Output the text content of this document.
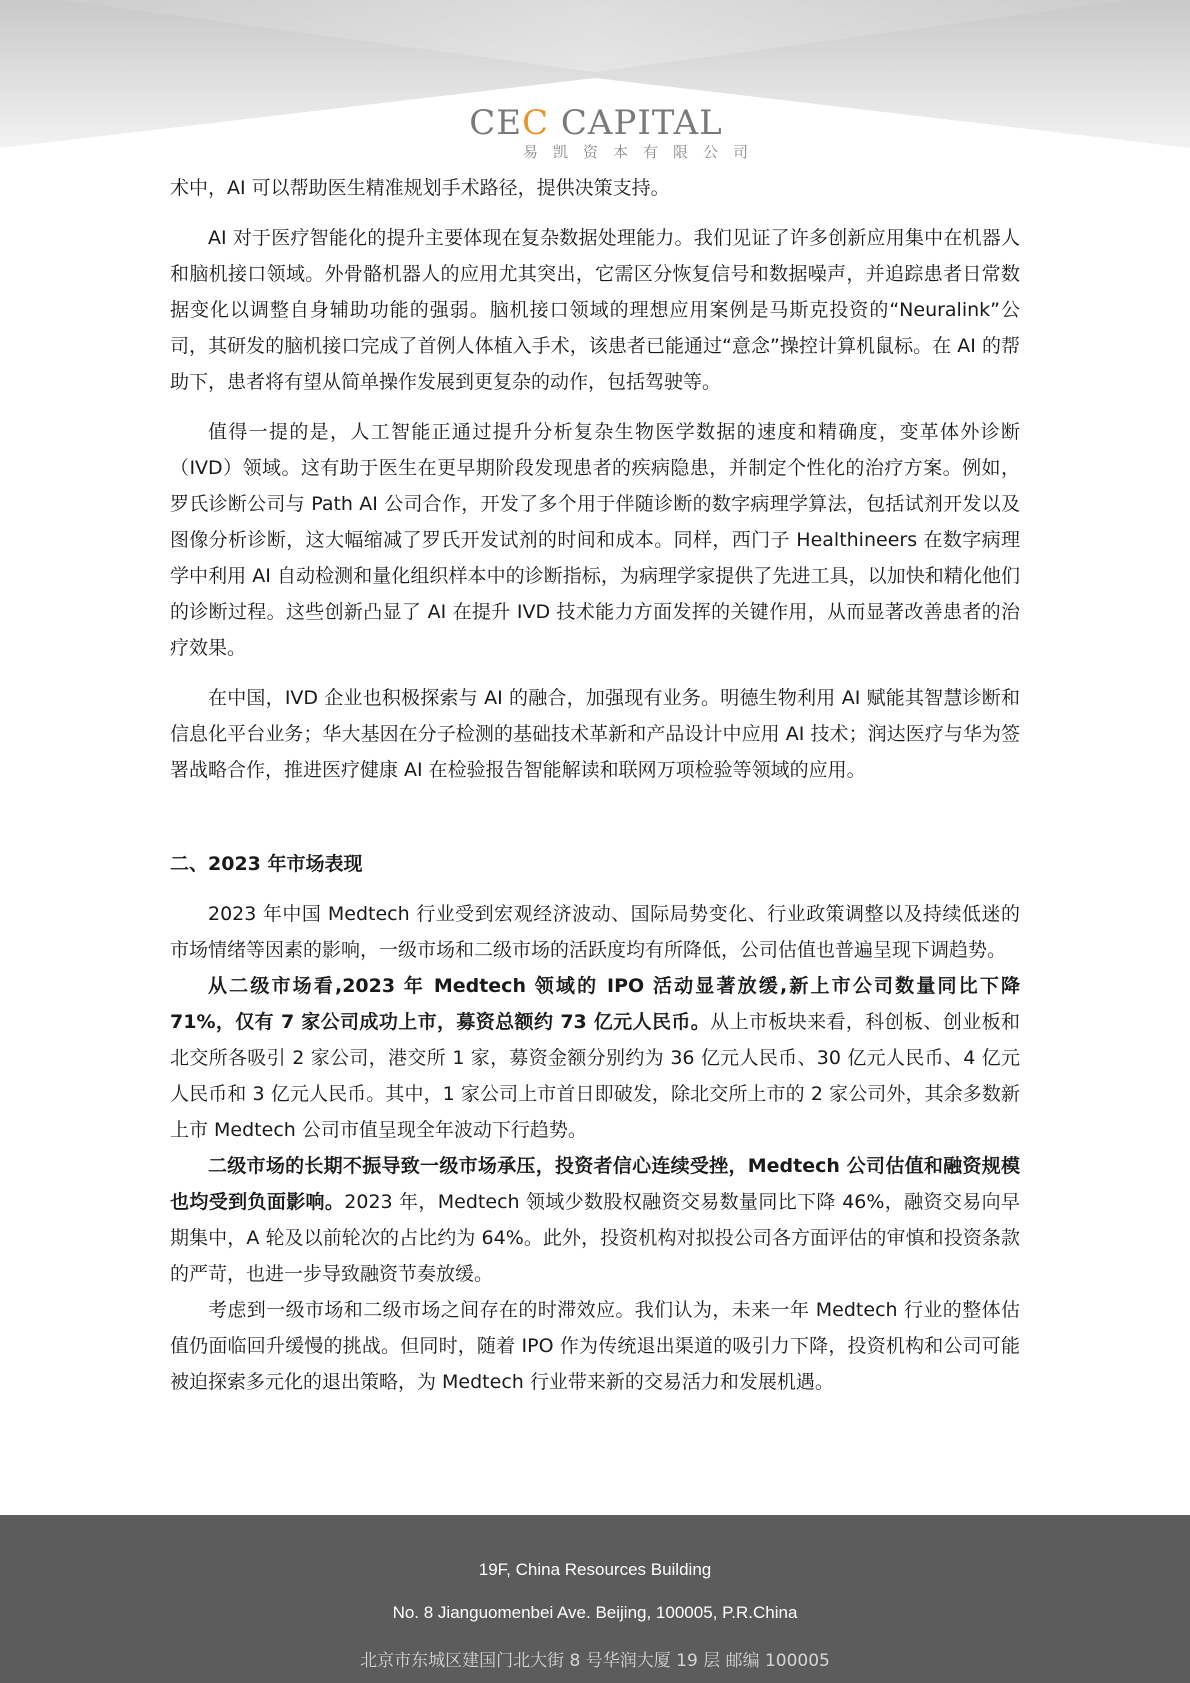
CEC CAPITAL
易凯资本有限公司

术中，AI 可以帮助医生精准规划手术路径，提供决策支持。

AI 对于医疗智能化的提升主要体现在复杂数据处理能力。我们见证了许多创新应用集中在机器人和脑机接口领域。外骨骼机器人的应用尤其突出，它需区分恢复信号和数据噪声，并追踪患者日常数据变化以调整自身辅助功能的强弱。脑机接口领域的理想应用案例是马斯克投资的“Neuralink”公司，其研发的脑机接口完成了首例人体植入手术，该患者已能通过“意念”操控计算机鼠标。在 AI 的帮助下，患者将有望从简单操作发展到更复杂的动作，包括驾驶等。

值得一提的是，人工智能正通过提升分析复杂生物医学数据的速度和精确度，变革体外诊断（IVD）领域。这有助于医生在更早期阶段发现患者的疾病隐患，并制定个性化的治疗方案。例如，罗氏诊断公司与 Path AI 公司合作，开发了多个用于伴随诊断的数字病理学算法，包括试剂开发以及图像分析诊断，这大幅缩减了罗氏开发试剂的时间和成本。同样，西门子 Healthineers 在数字病理学中利用 AI 自动检测和量化组织样本中的诊断指标，为病理学家提供了先进工具，以加快和精化他们的诊断过程。这些创新凸显了 AI 在提升 IVD 技术能力方面发挥的关键作用，从而显著改善患者的治疗效果。

在中国，IVD 企业也积极探索与 AI 的融合，加强现有业务。明德生物利用 AI 赋能其智慧诊断和信息化平台业务；华大基因在分子检测的基础技术革新和产品设计中应用 AI 技术；润达医疗与华为签署战略合作，推进医疗健康 AI 在检验报告智能解读和联网万项检验等领域的应用。

二、2023 年市场表现

2023 年中国 Medtech 行业受到宏观经济波动、国际局势变化、行业政策调整以及持续低迷的市场情绪等因素的影响，一级市场和二级市场的活跃度均有所降低，公司估值也普遍呈现下调趋势。

从二级市场看,2023 年 Medtech 领域的 IPO 活动显著放缓,新上市公司数量同比下降 71%，仅有 7 家公司成功上市，募资总额约 73 亿元人民币。从上市板块来看，科创板、创业板和北交所各吸引 2 家公司，港交所 1 家，募资金额分别约为 36 亿元人民币、30 亿元人民币、4 亿元人民币和 3 亿元人民币。其中，1 家公司上市首日即破发，除北交所上市的 2 家公司外，其余多数新上市 Medtech 公司市值呈现全年波动下行趋势。

二级市场的长期不振导致一级市场承压，投资者信心连续受挫，Medtech 公司估值和融资规模也均受到负面影响。2023 年，Medtech 领域少数股权融资交易数量同比下降 46%，融资交易向早期集中，A 轮及以前轮次的占比约为 64%。此外，投资机构对拟投公司各方面评估的审慎和投资条款的严苛，也进一步导致融资节奏放缓。

考虑到一级市场和二级市场之间存在的时滞效应。我们认为，未来一年 Medtech 行业的整体估值仍面临回升缓慢的挑战。但同时，随着 IPO 作为传统退出渠道的吸引力下降，投资机构和公司可能被迫探索多元化的退出策略，为 Medtech 行业带来新的交易活力和发展机遇。

19F, China Resources Building
No. 8 Jianguomenbei Ave. Beijing, 100005, P.R.China
北京市东城区建国门北大街 8 号华润大厦 19 层 邮编 100005
